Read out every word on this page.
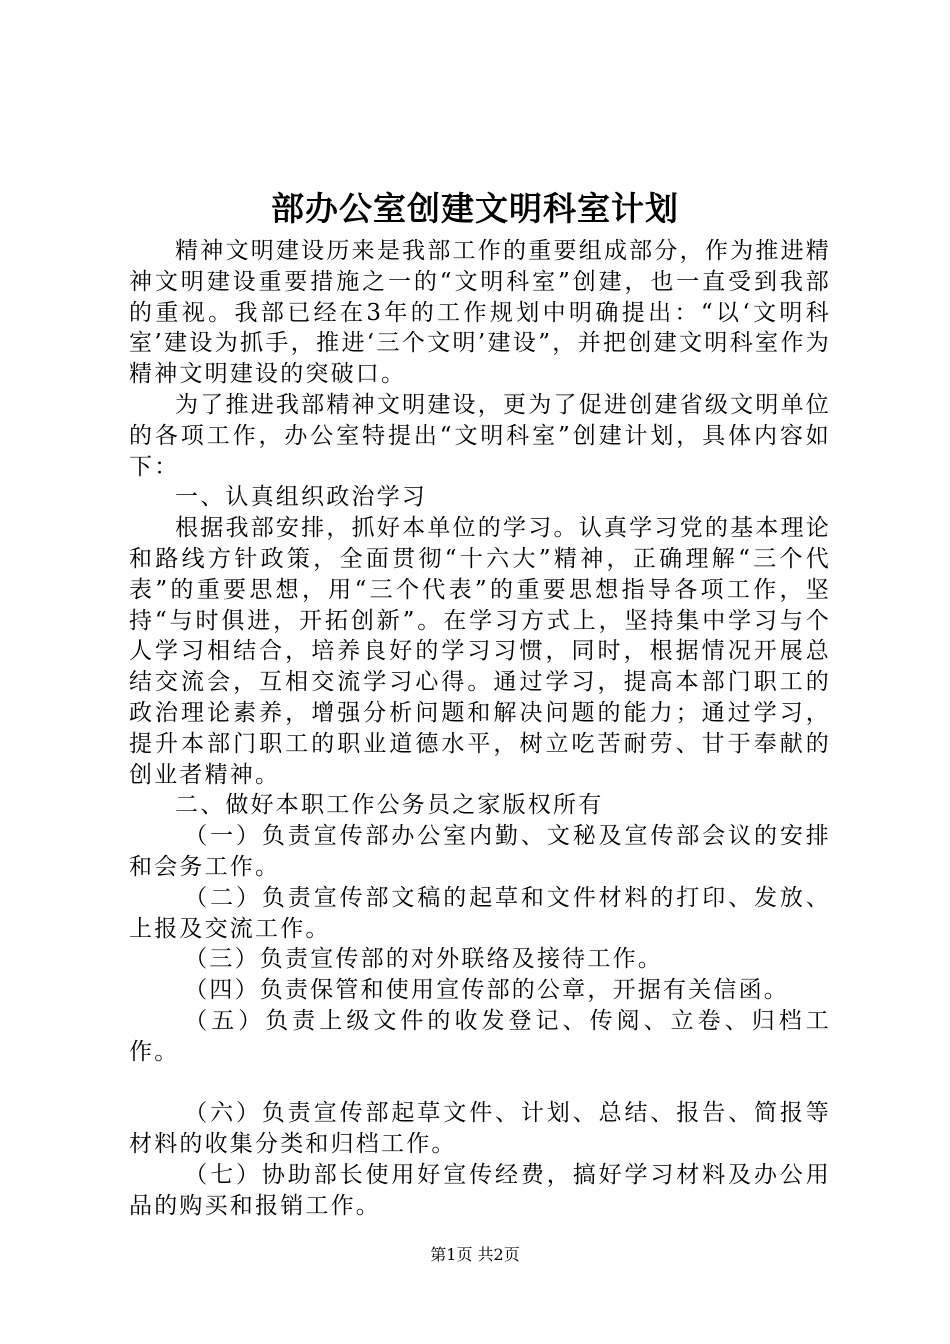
部办公室创建文明科室计划

精神文明建设历来是我部工作的重要组成部分，作为推进精神文明建设重要措施之一的“文明科室”创建，也一直受到我部的重视。我部已经在3年的工作规划中明确提出：“以‘文明科室’建设为抓手，推进‘三个文明’建设”，并把创建文明科室作为精神文明建设的突破口。

为了推进我部精神文明建设，更为了促进创建省级文明单位的各项工作，办公室特提出“文明科室”创建计划，具体内容如下：

一、认真组织政治学习

根据我部安排，抓好本单位的学习。认真学习党的基本理论和路线方针政策，全面贯彻“十六大”精神，正确理解“三个代表”的重要思想，用“三个代表”的重要思想指导各项工作，坚持“与时俱进，开拓创新”。在学习方式上，坚持集中学习与个人学习相结合，培养良好的学习习惯，同时，根据情况开展总结交流会，互相交流学习心得。通过学习，提高本部门职工的政治理论素养，增强分析问题和解决问题的能力；通过学习，提升本部门职工的职业道德水平，树立吃苦耐劳、甘于奉献的创业者精神。

二、做好本职工作公务员之家版权所有

（一）负责宣传部办公室内勤、文秘及宣传部会议的安排和会务工作。

（二）负责宣传部文稿的起草和文件材料的打印、发放、上报及交流工作。

（三）负责宣传部的对外联络及接待工作。

（四）负责保管和使用宣传部的公章，开据有关信函。

（五）负责上级文件的收发登记、传阅、立卷、归档工作。

（六）负责宣传部起草文件、计划、总结、报告、简报等材料的收集分类和归档工作。

（七）协助部长使用好宣传经费，搞好学习材料及办公用品的购买和报销工作。

第1页 共2页
